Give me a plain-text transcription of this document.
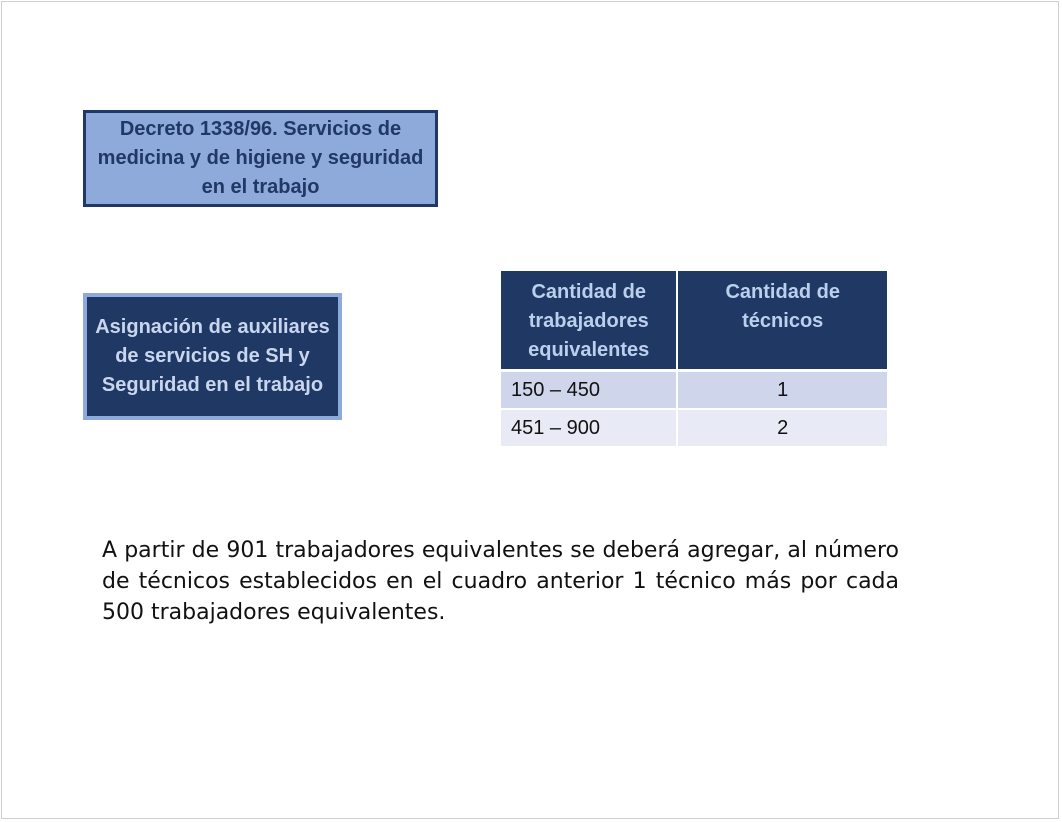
Decreto 1338/96. Servicios de medicina y de higiene y seguridad en el trabajo
Asignación de auxiliares de servicios de SH y Seguridad en el trabajo
Cantidad de trabajadores equivalentes	Cantidad de técnicos
150 – 450	1
451 – 900	2

A partir de 901 trabajadores equivalentes se deberá agregar, al número de técnicos establecidos en el cuadro anterior 1 técnico más por cada 500 trabajadores equivalentes.
